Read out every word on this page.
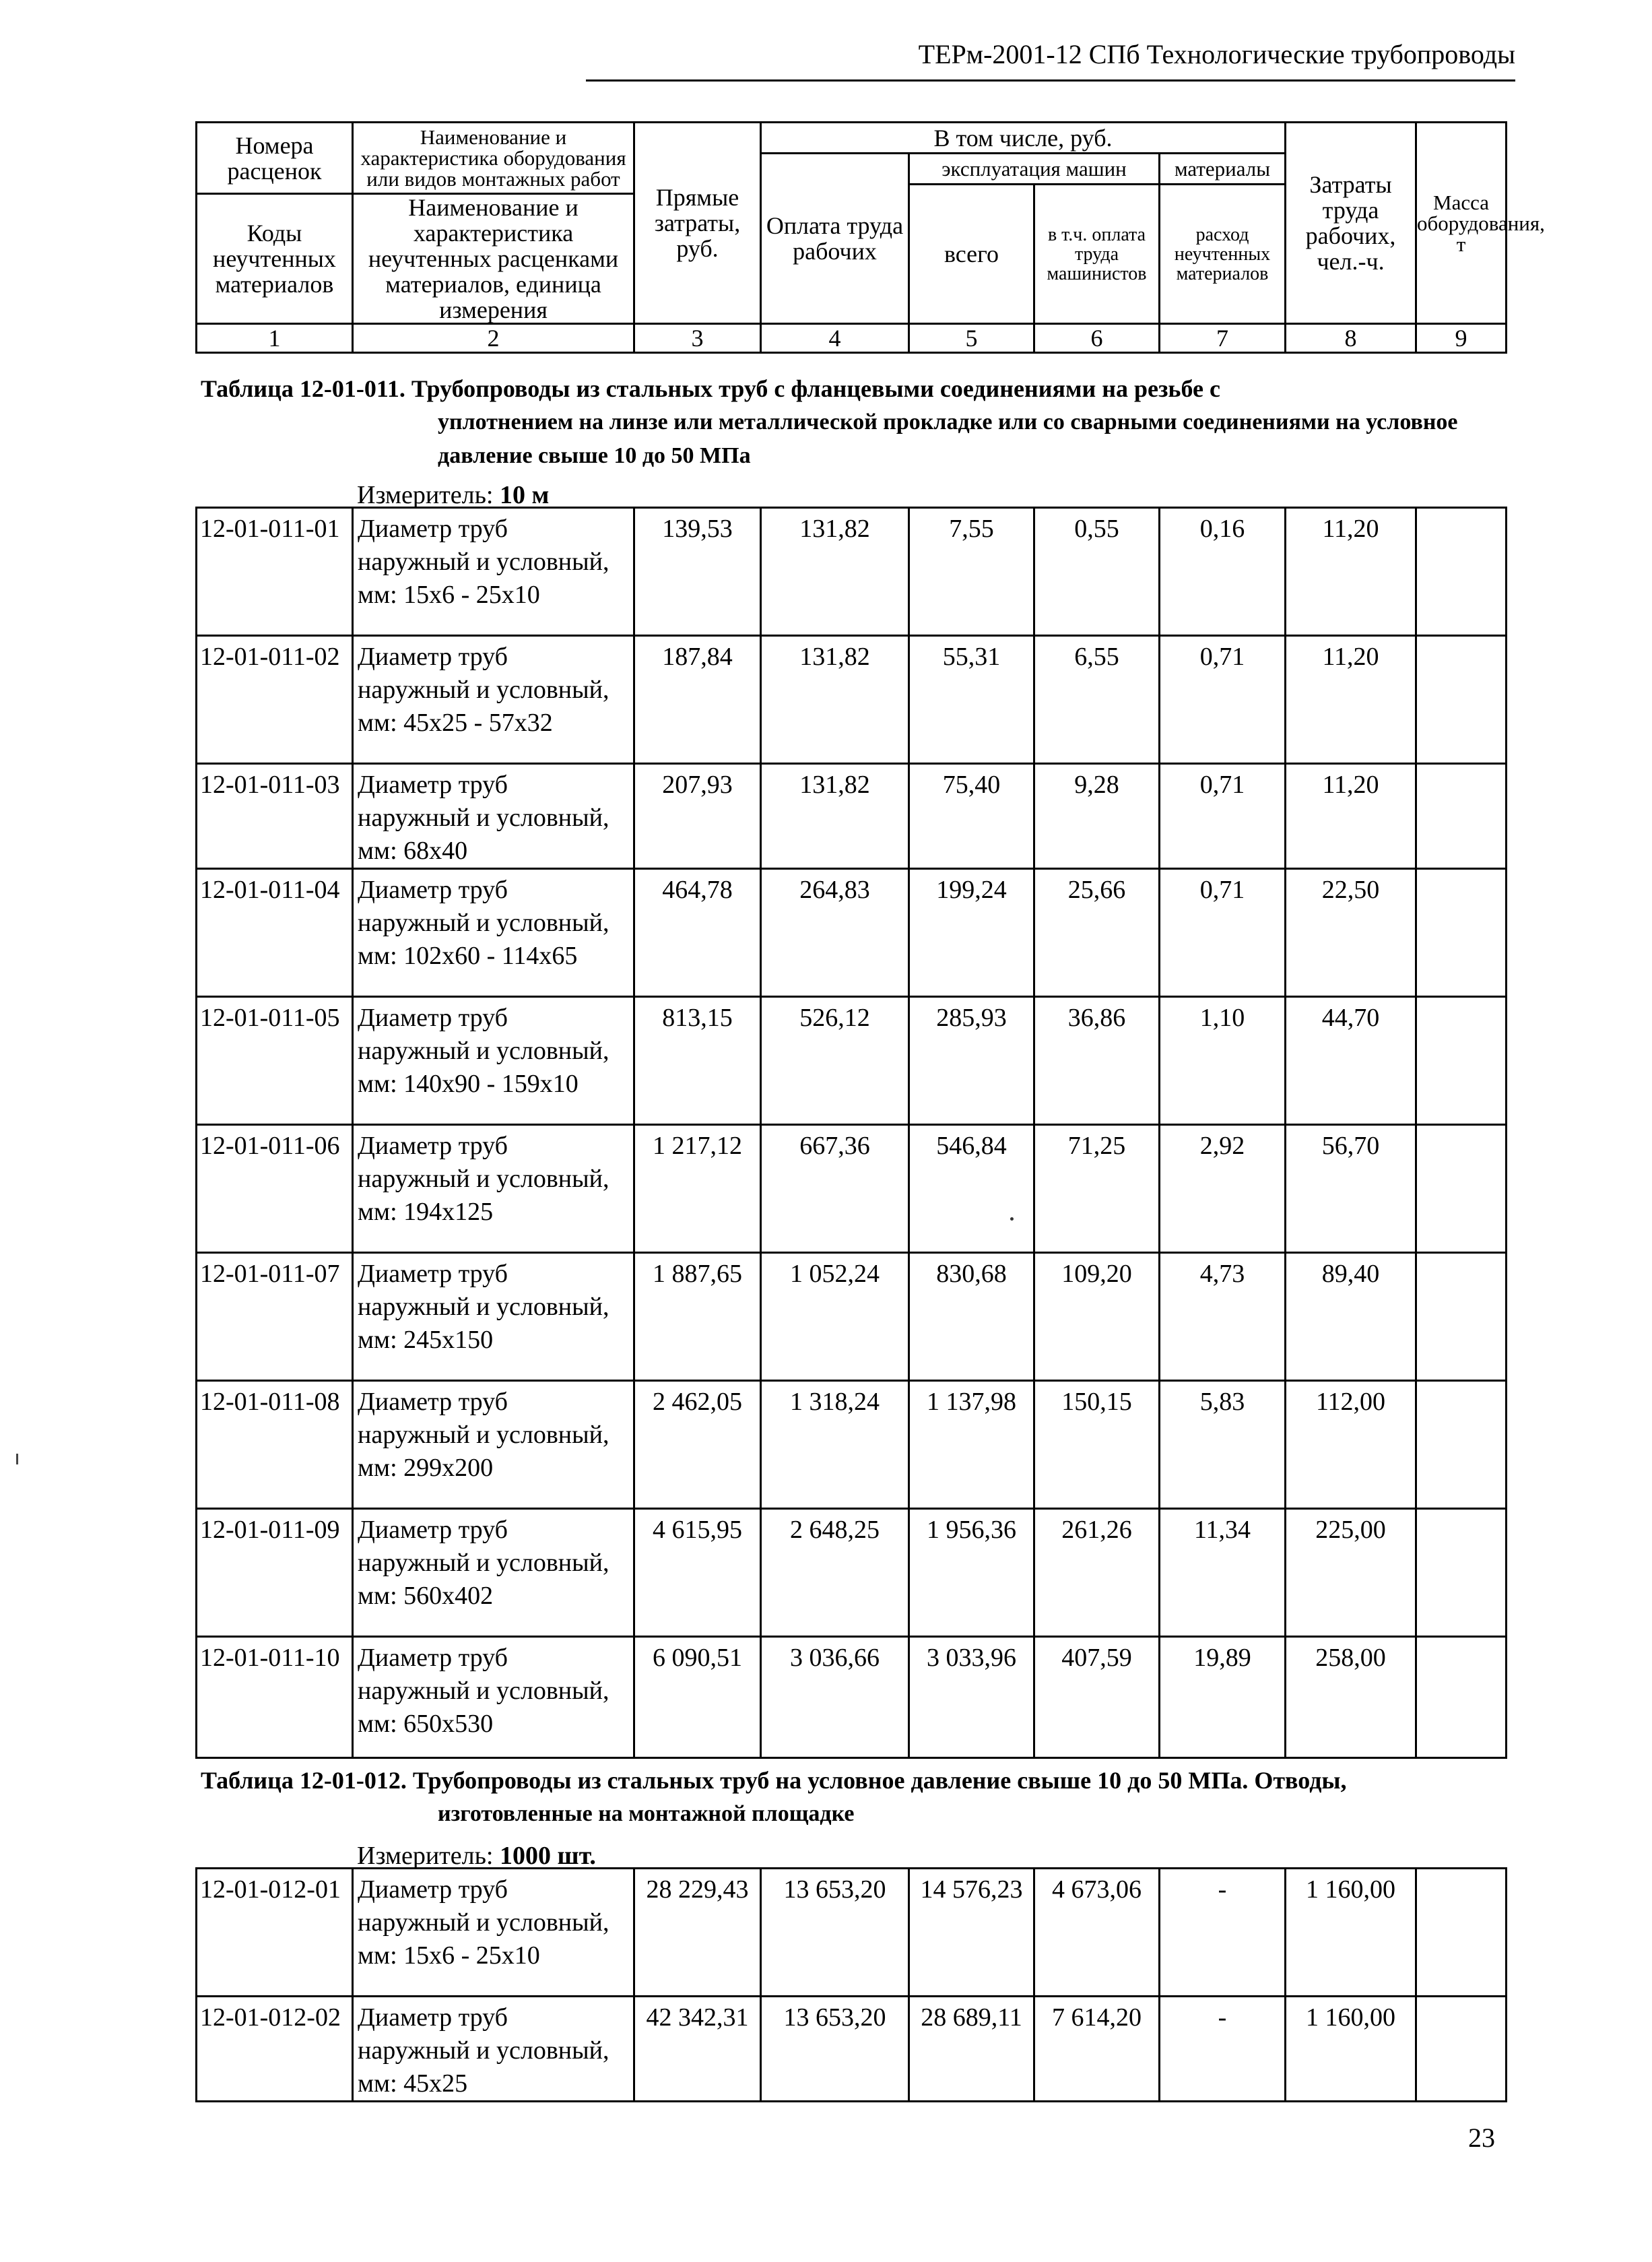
ТЕРм-2001-12 СПб Технологические трубопроводы
Номера расценок	Наименование и характеристика оборудования или видов монтажных работ	Прямые затраты, руб.	В том числе, руб.				Затраты труда рабочих, чел.-ч.	Масса оборудования, т
			Оплата труда рабочих	эксплуатация машин		материалы		
				всего	в т.ч. оплата труда машинистов	расход неучтенных материалов		
Коды неучтенных материалов	Наименование и характеристика неучтенных расценками материалов, единица измерения							

1	2	3	4	5	6	7	8	9
Таблица 12-01-011. Трубопроводы из стальных труб с фланцевыми соединениями на резьбе с
уплотнением на линзе или металлической прокладке или со сварными соединениями на условное давление свыше 10 до 50 МПа
Измеритель: 10 м
12-01-011-01	Диаметр труб
наружный и условный,
мм: 15x6 - 25x10	139,53	131,82	7,55	0,55	0,16	11,20	
12-01-011-02	Диаметр труб
наружный и условный,
мм: 45x25 - 57x32	187,84	131,82	55,31	6,55	0,71	11,20	
12-01-011-03	Диаметр труб
наружный и условный,
мм: 68x40	207,93	131,82	75,40	9,28	0,71	11,20	
12-01-011-04	Диаметр труб
наружный и условный,
мм: 102x60 - 114x65	464,78	264,83	199,24	25,66	0,71	22,50	
12-01-011-05	Диаметр труб
наружный и условный,
мм: 140x90 - 159x10	813,15	526,12	285,93	36,86	1,10	44,70	
12-01-011-06	Диаметр труб
наружный и условный,
мм: 194x125	1 217,12	667,36	546,84	71,25	2,92	56,70	
12-01-011-07	Диаметр труб
наружный и условный,
мм: 245x150	1 887,65	1 052,24	830,68	109,20	4,73	89,40	
12-01-011-08	Диаметр труб
наружный и условный,
мм: 299x200	2 462,05	1 318,24	1 137,98	150,15	5,83	112,00	
12-01-011-09	Диаметр труб
наружный и условный,
мм: 560x402	4 615,95	2 648,25	1 956,36	261,26	11,34	225,00	
12-01-011-10	Диаметр труб
наружный и условный,
мм: 650x530	6 090,51	3 036,66	3 033,96	407,59	19,89	258,00	
Таблица 12-01-012. Трубопроводы из стальных труб на условное давление свыше 10 до 50 МПа. Отводы,
изготовленные на монтажной площадке
Измеритель: 1000 шт.
12-01-012-01	Диаметр труб
наружный и условный,
мм: 15x6 - 25x10	28 229,43	13 653,20	14 576,23	4 673,06	-	1 160,00	
12-01-012-02	Диаметр труб
наружный и условный,
мм: 45x25	42 342,31	13 653,20	28 689,11	7 614,20	-	1 160,00	
23
